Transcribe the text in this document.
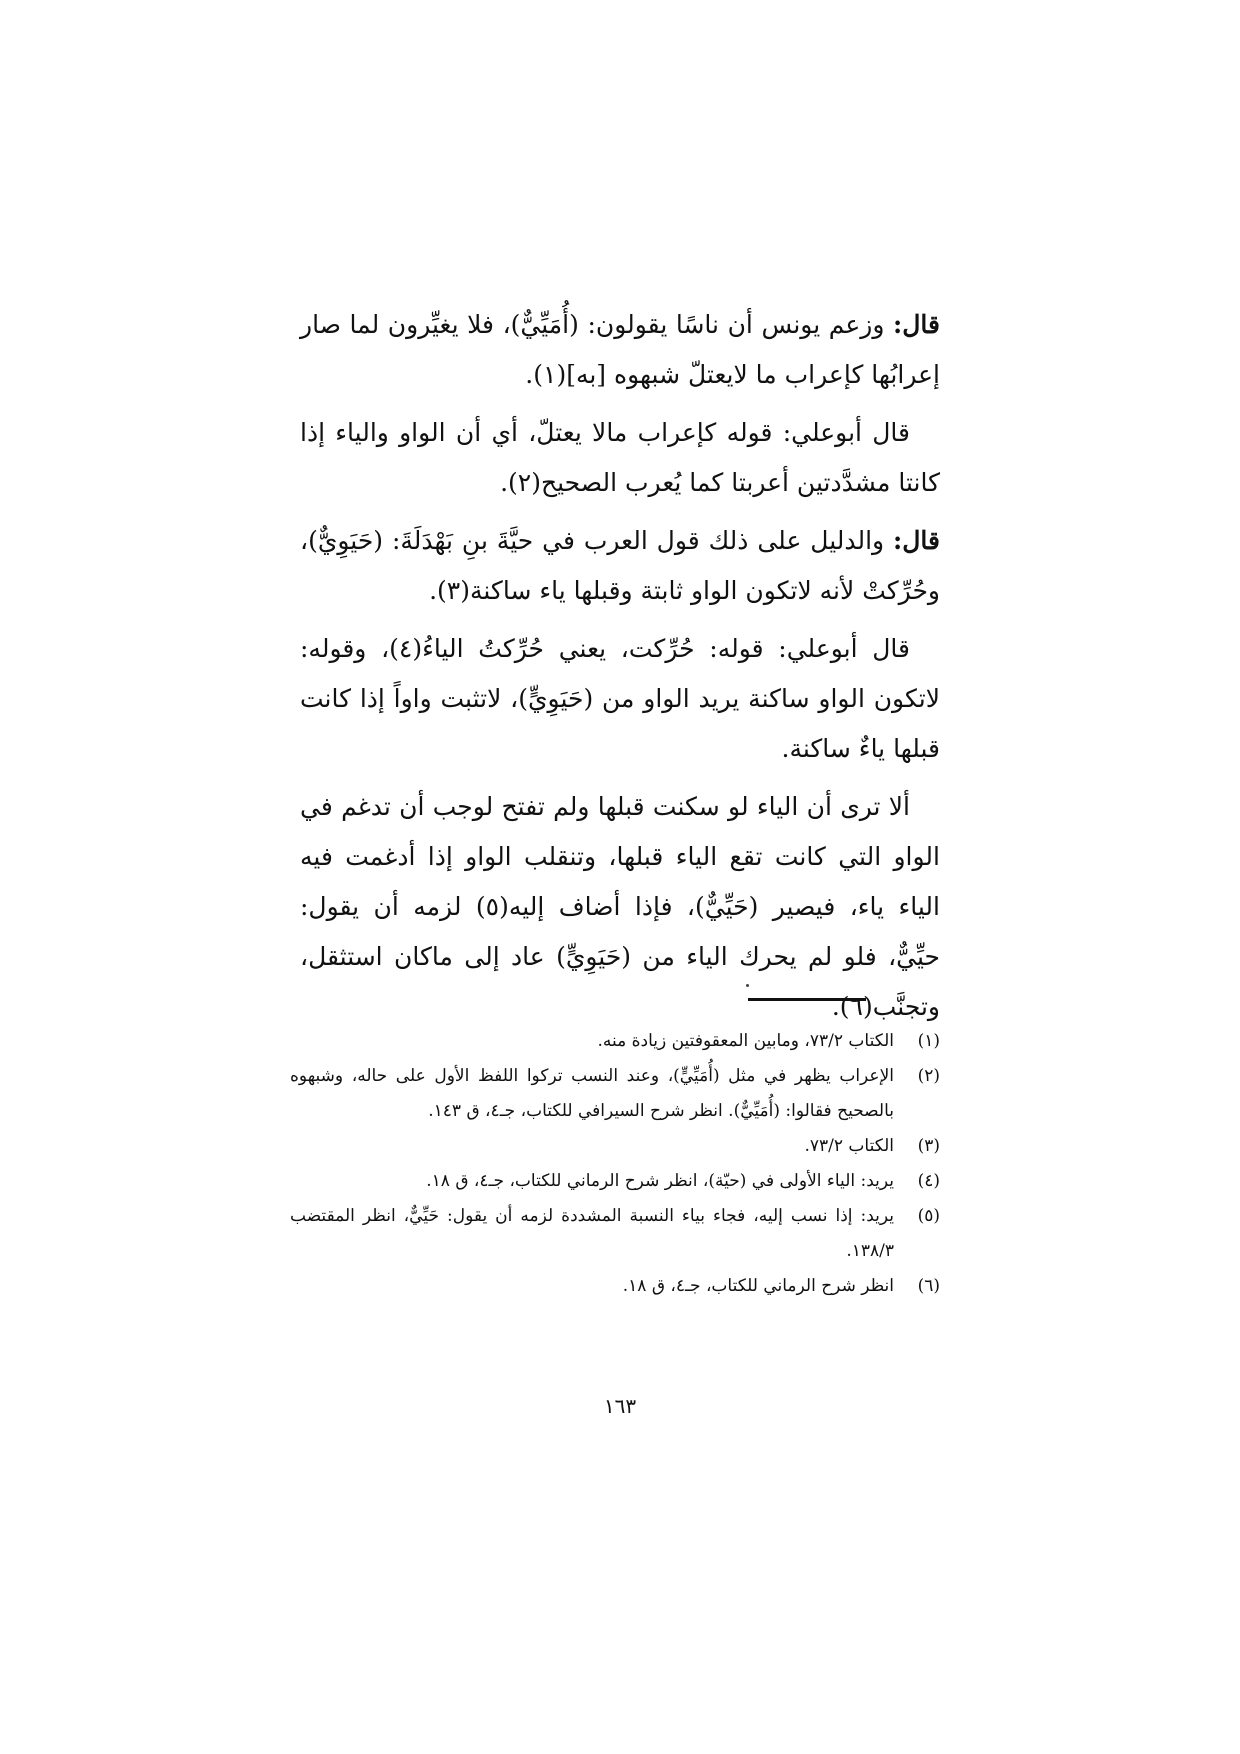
قال: وزعم يونس أن ناسًا يقولون: (أُمَيِّيٌّ)، فلا يغيِّرون لما صار إعرابُها كإعراب ما لايعتلّ شبهوه [به](١).

قال أبوعلي: قوله كإعراب مالا يعتلّ، أي أن الواو والياء إذا كانتا مشدَّدتين أعربتا كما يُعرب الصحيح(٢).

قال: والدليل على ذلك قول العرب في حيَّةَ بنِ بَهْدَلَةَ: (حَيَوِيٌّ)، وحُرِّكتْ لأنه لاتكون الواو ثابتة وقبلها ياء ساكنة(٣).

قال أبوعلي: قوله: حُرِّكت، يعني حُرِّكتُ الياءُ(٤)، وقوله: لاتكون الواو ساكنة يريد الواو من (حَيَوِيٍّ)، لاتثبت واواً إذا كانت قبلها ياءٌ ساكنة.

ألا ترى أن الياء لو سكنت قبلها ولم تفتح لوجب أن تدغم في الواو التي كانت تقع الياء قبلها، وتنقلب الواو إذا أدغمت فيه الياء ياء، فيصير (حَيِّيٌّ)، فإذا أضاف إليه(٥) لزمه أن يقول: حيِّيٌّ، فلو لم يحرك الياء من (حَيَوِيٍّ) عاد إلى ماكان استثقل، وتجنَّب(٦).

(١)
الكتاب ٧٣/٢، ومابين المعقوفتين زيادة منه.
(٢)
الإعراب يظهر في مثل (أُمَيِّيٍّ)، وعند النسب تركوا اللفظ الأول على حاله، وشبهوه بالصحيح فقالوا: (أُمَيِّيٌّ). انظر شرح السيرافي للكتاب، جـ٤، ق ١٤٣.
(٣)
الكتاب ٧٣/٢.
(٤)
يريد: الياء الأولى في (حيّة)، انظر شرح الرماني للكتاب، جـ٤، ق ١٨.
(٥)
يريد: إذا نسب إليه، فجاء بياء النسبة المشددة لزمه أن يقول: حَيِّيٌّ، انظر المقتضب ١٣٨/٣.
(٦)
انظر شرح الرماني للكتاب، جـ٤، ق ١٨.
١٦٣
